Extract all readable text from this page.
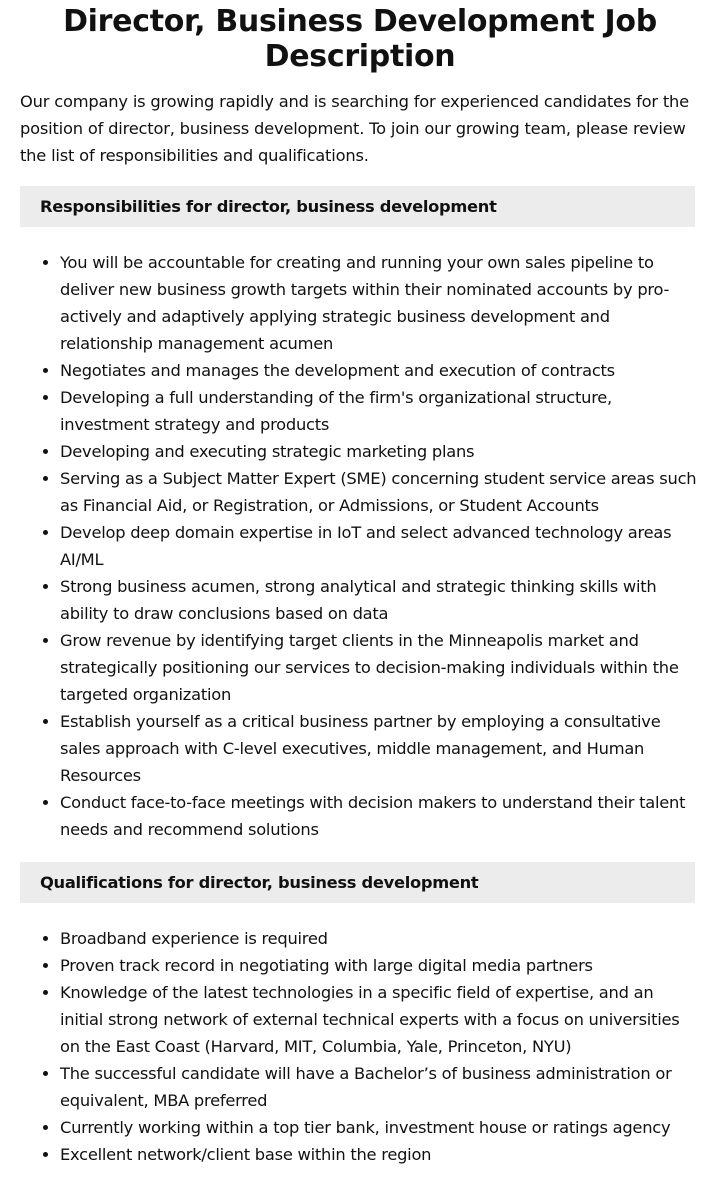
Director, Business Development Job Description

Our company is growing rapidly and is searching for experienced candidates for the position of director, business development. To join our growing team, please review the list of responsibilities and qualifications.

Responsibilities for director, business development
• You will be accountable for creating and running your own sales pipeline to deliver new business growth targets within their nominated accounts by pro-actively and adaptively applying strategic business development and relationship management acumen
• Negotiates and manages the development and execution of contracts
• Developing a full understanding of the firm's organizational structure, investment strategy and products
• Developing and executing strategic marketing plans
• Serving as a Subject Matter Expert (SME) concerning student service areas such as Financial Aid, or Registration, or Admissions, or Student Accounts
• Develop deep domain expertise in IoT and select advanced technology areas AI/ML
• Strong business acumen, strong analytical and strategic thinking skills with ability to draw conclusions based on data
• Grow revenue by identifying target clients in the Minneapolis market and strategically positioning our services to decision-making individuals within the targeted organization
• Establish yourself as a critical business partner by employing a consultative sales approach with C-level executives, middle management, and Human Resources
• Conduct face-to-face meetings with decision makers to understand their talent needs and recommend solutions
Qualifications for director, business development
• Broadband experience is required
• Proven track record in negotiating with large digital media partners
• Knowledge of the latest technologies in a specific field of expertise, and an initial strong network of external technical experts with a focus on universities on the East Coast (Harvard, MIT, Columbia, Yale, Princeton, NYU)
• The successful candidate will have a Bachelor’s of business administration or equivalent, MBA preferred
• Currently working within a top tier bank, investment house or ratings agency
• Excellent network/client base within the region
